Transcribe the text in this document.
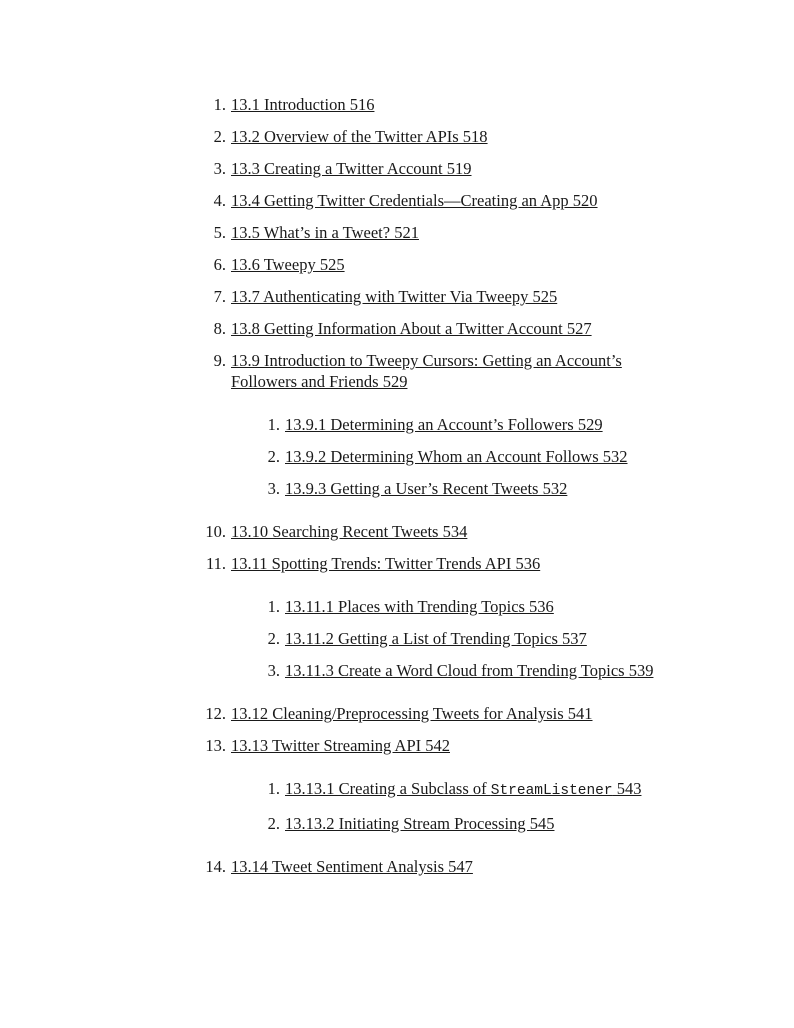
1. 13.1 Introduction 516
2. 13.2 Overview of the Twitter APIs 518
3. 13.3 Creating a Twitter Account 519
4. 13.4 Getting Twitter Credentials—Creating an App 520
5. 13.5 What’s in a Tweet? 521
6. 13.6 Tweepy 525
7. 13.7 Authenticating with Twitter Via Tweepy 525
8. 13.8 Getting Information About a Twitter Account 527
9. 13.9 Introduction to Tweepy Cursors: Getting an Account’s Followers and Friends 529
1. 13.9.1 Determining an Account’s Followers 529
2. 13.9.2 Determining Whom an Account Follows 532
3. 13.9.3 Getting a User’s Recent Tweets 532
10. 13.10 Searching Recent Tweets 534
11. 13.11 Spotting Trends: Twitter Trends API 536
1. 13.11.1 Places with Trending Topics 536
2. 13.11.2 Getting a List of Trending Topics 537
3. 13.11.3 Create a Word Cloud from Trending Topics 539
12. 13.12 Cleaning/Preprocessing Tweets for Analysis 541
13. 13.13 Twitter Streaming API 542
1. 13.13.1 Creating a Subclass of StreamListener 543
2. 13.13.2 Initiating Stream Processing 545
14. 13.14 Tweet Sentiment Analysis 547
